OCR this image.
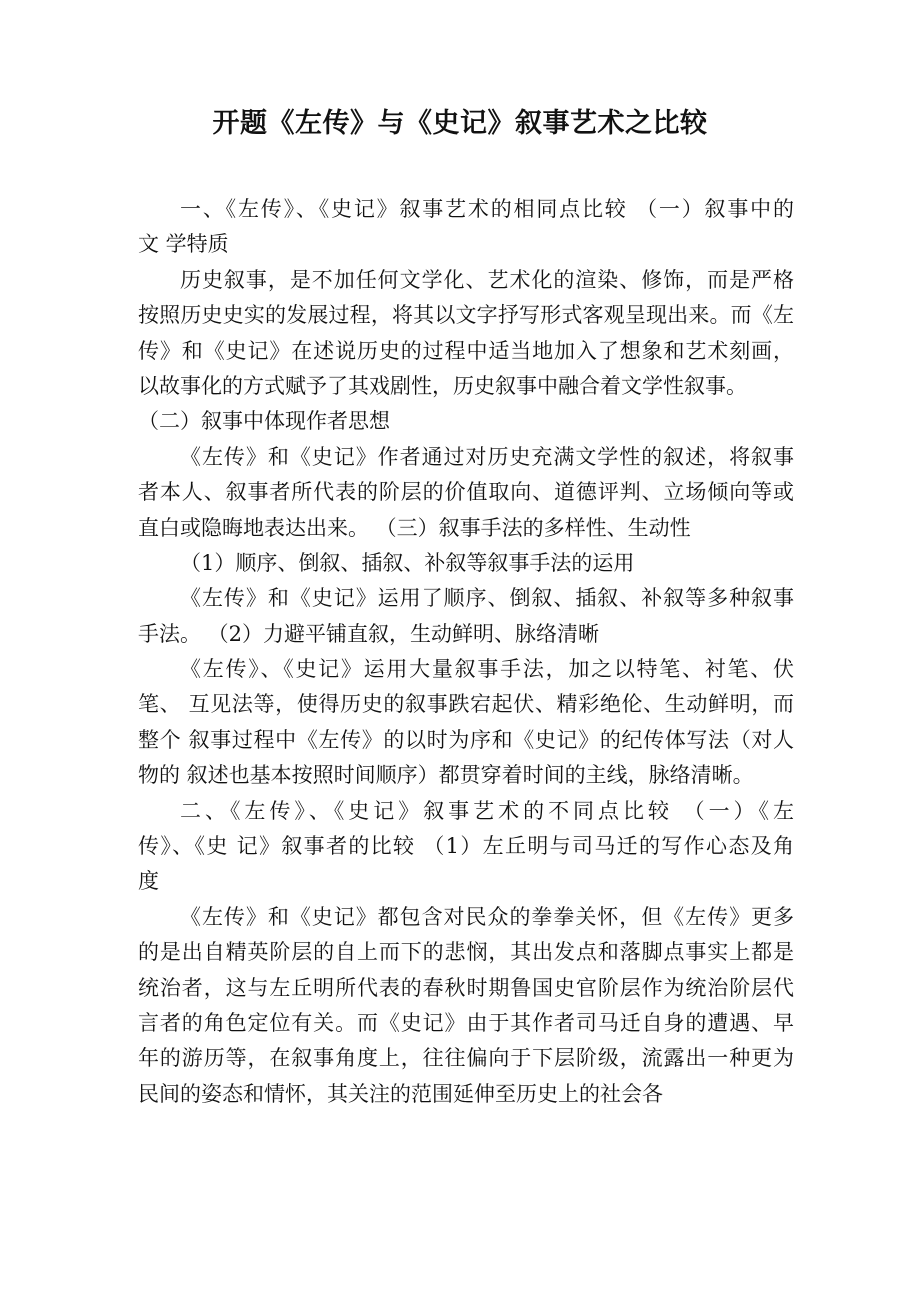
开题《左传》与《史记》叙事艺术之比较
一、《左传》、《史记》叙事艺术的相同点比较 （一）叙事中的
文 学特质
历史叙事，是不加任何文学化、艺术化的渲染、修饰，而是严格
按照历史史实的发展过程，将其以文字抒写形式客观呈现出来。而《左
传》和《史记》在述说历史的过程中适当地加入了想象和艺术刻画，
以故事化的方式赋予了其戏剧性，历史叙事中融合着文学性叙事。
（二）叙事中体现作者思想
《左传》和《史记》作者通过对历史充满文学性的叙述，将叙事
者本人、叙事者所代表的阶层的价值取向、道德评判、立场倾向等或
直白或隐晦地表达出来。 （三）叙事手法的多样性、生动性
（1）顺序、倒叙、插叙、补叙等叙事手法的运用
《左传》和《史记》运用了顺序、倒叙、插叙、补叙等多种叙事
手法。 （2）力避平铺直叙，生动鲜明、脉络清晰
《左传》、《史记》运用大量叙事手法，加之以特笔、衬笔、伏
笔、 互见法等，使得历史的叙事跌宕起伏、精彩绝伦、生动鲜明，而
整个 叙事过程中《左传》的以时为序和《史记》的纪传体写法（对人
物的 叙述也基本按照时间顺序）都贯穿着时间的主线，脉络清晰。
二、《左传》、《史记》叙事艺术的不同点比较 （一）《左
传》、《史 记》叙事者的比较 （1）左丘明与司马迁的写作心态及角
度
《左传》和《史记》都包含对民众的拳拳关怀，但《左传》更多
的是出自精英阶层的自上而下的悲悯，其出发点和落脚点事实上都是
统治者，这与左丘明所代表的春秋时期鲁国史官阶层作为统治阶层代
言者的角色定位有关。而《史记》由于其作者司马迁自身的遭遇、早
年的游历等，在叙事角度上，往往偏向于下层阶级，流露出一种更为
民间的姿态和情怀，其关注的范围延伸至历史上的社会各
